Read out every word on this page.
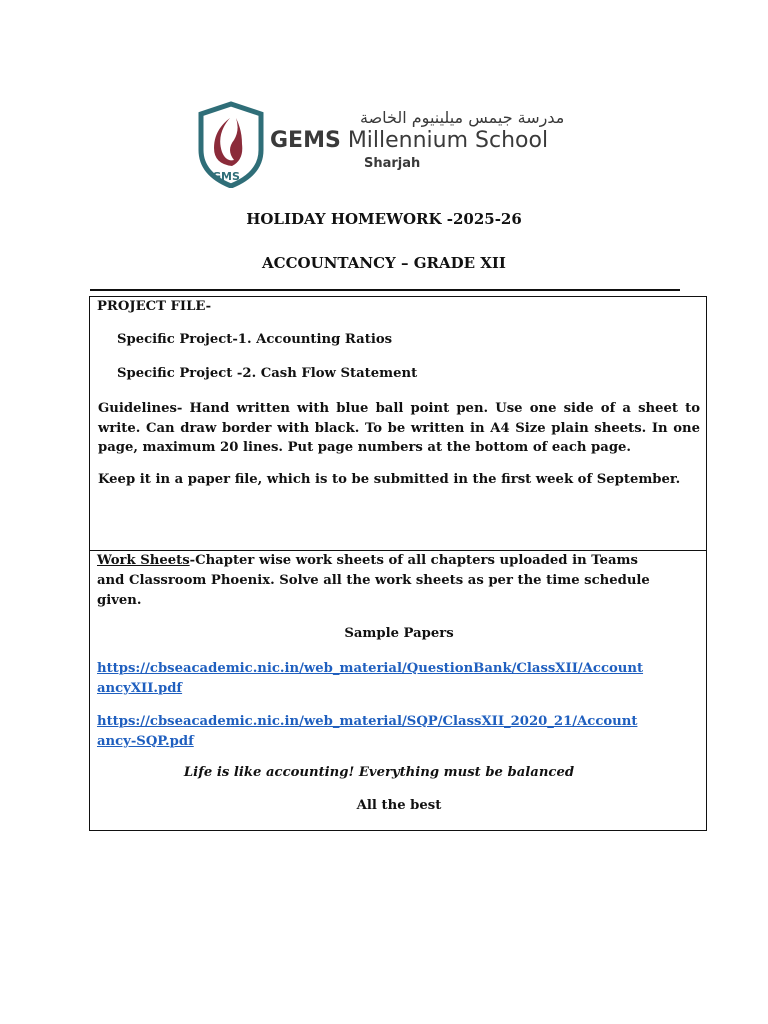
GMS
مدرسة جيمس ميلينيوم الخاصة
GEMS Millennium School
Sharjah
HOLIDAY HOMEWORK -2025-26
ACCOUNTANCY – GRADE XII
PROJECT FILE-
Specific Project-1. Accounting Ratios
Specific Project -2. Cash Flow Statement
Guidelines- Hand written with blue ball point pen. Use one side of a sheet to write. Can draw border with black. To be written in A4 Size plain sheets. In one page, maximum 20 lines. Put page numbers at the bottom of each page.
Keep it in a paper file, which is to be submitted in the first week of September.
Work Sheets-Chapter wise work sheets of all chapters uploaded in Teams
and Classroom Phoenix. Solve all the work sheets as per the time schedule
given.
Sample Papers
https://cbseacademic.nic.in/web_material/QuestionBank/ClassXII/Account
ancyXII.pdf
https://cbseacademic.nic.in/web_material/SQP/ClassXII_2020_21/Account
ancy-SQP.pdf
Life is like accounting! Everything must be balanced
All the best
